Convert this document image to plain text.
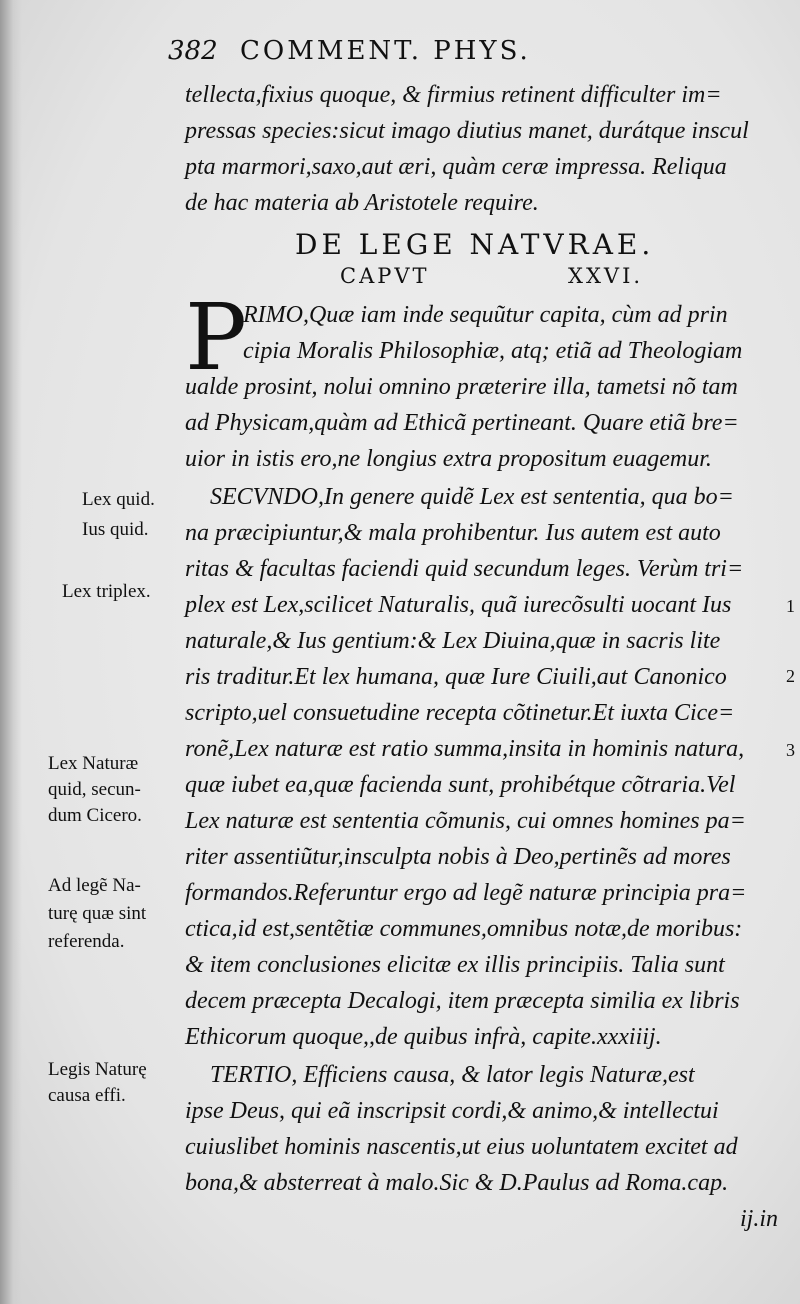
382 COMMENT. PHYS.
tellecta,fixius quoque, & firmius retinent difficulter im=
pressas species:sicut imago diutius manet, durátque inscul
pta marmori,saxo,aut æri, quàm ceræ impressa. Reliqua
de hac materia ab Aristotele require.
DE LEGE NATVRAE.
CAPVT	XXVI.
P
RIMO,Quæ iam inde sequũtur capita, cùm ad prin
cipia Moralis Philosophiæ, atq; etiã ad Theologiam
ualde prosint, nolui omnino præterire illa, tametsi nõ tam
ad Physicam,quàm ad Ethicã pertineant. Quare etiã bre=
uior in istis ero,ne longius extra propositum euagemur.
SECVNDO,In genere quidẽ Lex est sententia, qua bo=
na præcipiuntur,& mala prohibentur. Ius autem est auto
ritas & facultas faciendi quid secundum leges. Verùm tri=
plex est Lex,scilicet Naturalis, quã iurecõsulti uocant Ius
naturale,& Ius gentium:& Lex Diuina,quæ in sacris lite
ris traditur.Et lex humana, quæ Iure Ciuili,aut Canonico
scripto,uel consuetudine recepta cõtinetur.Et iuxta Cice=
ronẽ,Lex naturæ est ratio summa,insita in hominis natura,
quæ iubet ea,quæ facienda sunt, prohibétque cõtraria.Vel
Lex naturæ est sententia cõmunis, cui omnes homines pa=
riter assentiũtur,insculpta nobis à Deo,pertinẽs ad mores
formandos.Referuntur ergo ad legẽ naturæ principia pra=
ctica,id est,sentẽtiæ communes,omnibus notæ,de moribus:
& item conclusiones elicitæ ex illis principiis. Talia sunt
decem præcepta Decalogi, item præcepta similia ex libris
Ethicorum quoque,,de quibus infrà, capite.xxxiiij.
TERTIO, Efficiens causa, & lator legis Naturæ,est
ipse Deus, qui eã inscripsit cordi,& animo,& intellectui
cuiuslibet hominis nascentis,ut eius uoluntatem excitet ad
bona,& absterreat à malo.Sic & D.Paulus ad Roma.cap.
ij.in
Lex quid.
Ius quid.
Lex triplex.
Lex Naturæ
quid, secun-
dum Cicero.
Ad legẽ Na-
turę quæ sint
referenda.
Legis Naturę
causa effi.
1
2
3
